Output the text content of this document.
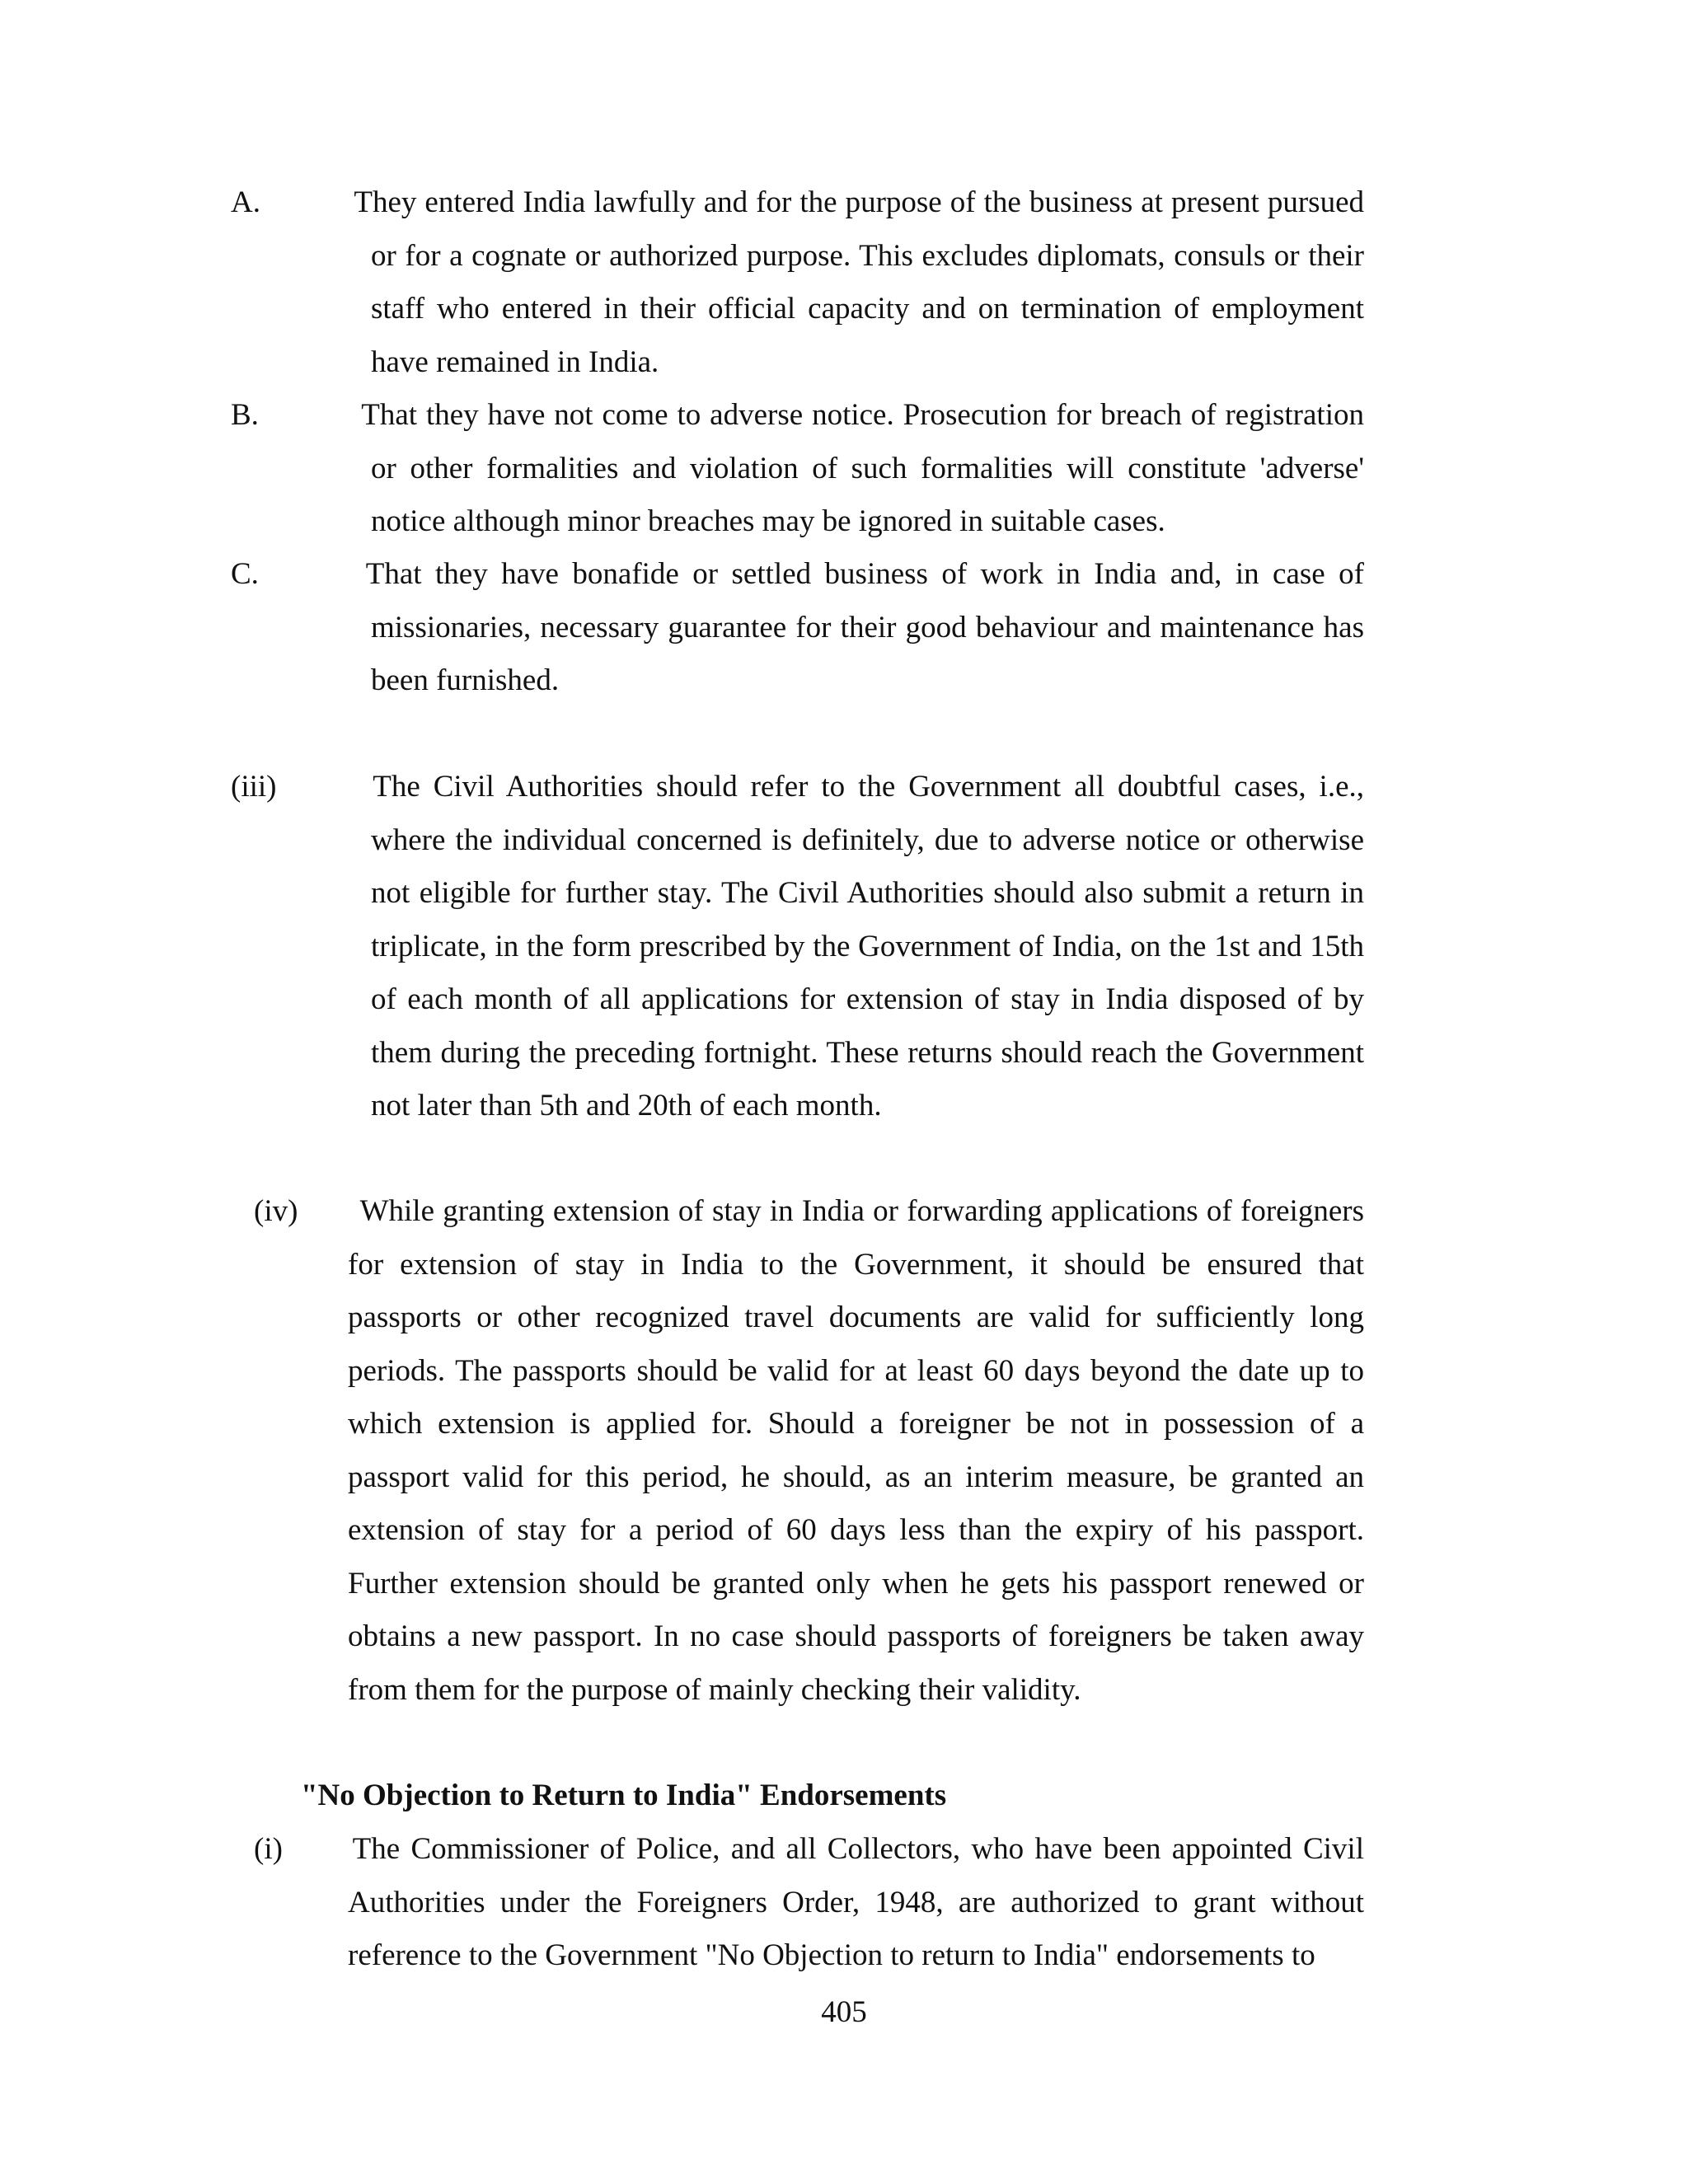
A.	They entered India lawfully and for the purpose of the business at present pursued or for a cognate or authorized purpose. This excludes diplomats, consuls or their staff who entered in their official capacity and on termination of employment have remained in India.

B.	That they have not come to adverse notice. Prosecution for breach of registration or other formalities and violation of such formalities will constitute 'adverse' notice although minor breaches may be ignored in suitable cases.

C.	That they have bonafide or settled business of work in India and, in case of missionaries, necessary guarantee for their good behaviour and maintenance has been furnished.

(iii)	The Civil Authorities should refer to the Government all doubtful cases, i.e., where the individual concerned is definitely, due to adverse notice or otherwise not eligible for further stay. The Civil Authorities should also submit a return in triplicate, in the form prescribed by the Government of India, on the 1st and 15th of each month of all applications for extension of stay in India disposed of by them during the preceding fortnight. These returns should reach the Government not later than 5th and 20th of each month.

(iv) While granting extension of stay in India or forwarding applications of foreigners for extension of stay in India to the Government, it should be ensured that passports or other recognized travel documents are valid for sufficiently long periods. The passports should be valid for at least 60 days beyond the date up to which extension is applied for. Should a foreigner be not in possession of a passport valid for this period, he should, as an interim measure, be granted an extension of stay for a period of 60 days less than the expiry of his passport. Further extension should be granted only when he gets his passport renewed or obtains a new passport. In no case should passports of foreigners be taken away from them for the purpose of mainly checking their validity.

"No Objection to Return to India" Endorsements

(i) The Commissioner of Police, and all Collectors, who have been appointed Civil Authorities under the Foreigners Order, 1948, are authorized to grant without reference to the Government "No Objection to return to India" endorsements to

405
